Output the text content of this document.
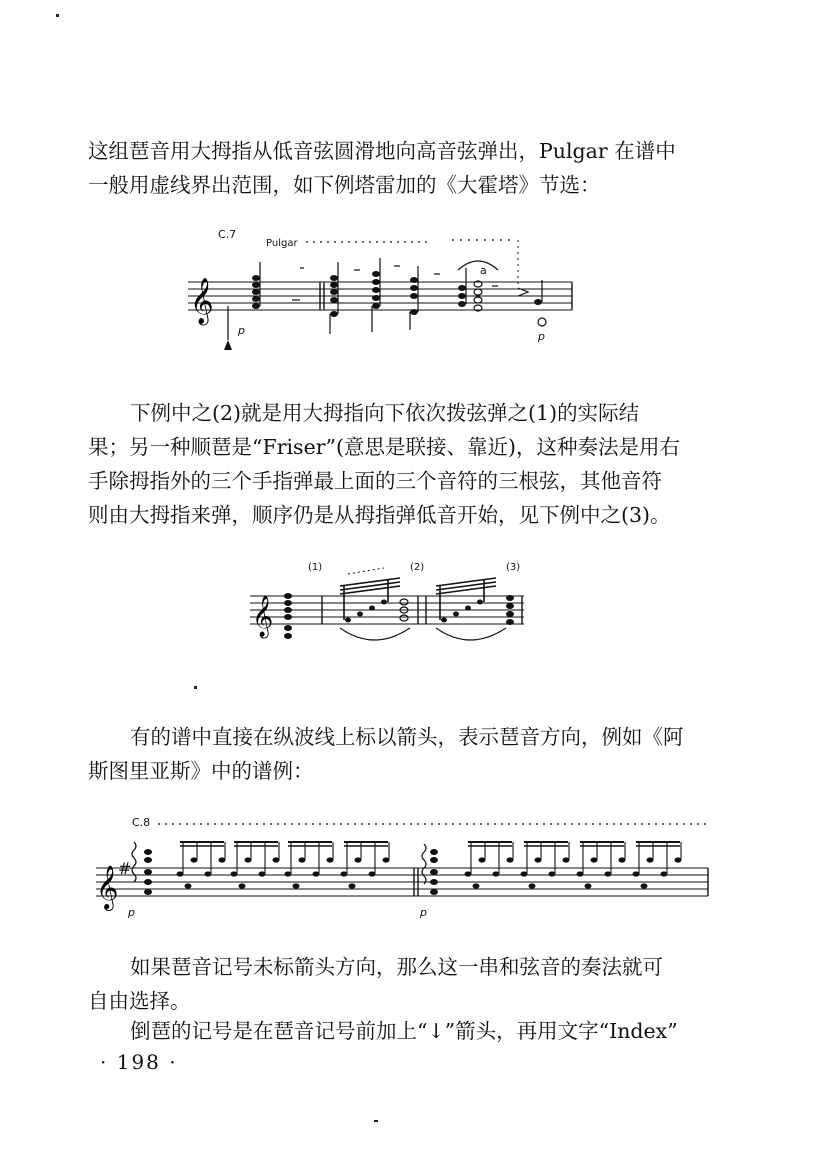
这组琶音用大拇指从低音弦圆滑地向高音弦弹出，Pulgar 在谱中
一般用虚线界出范围，如下例塔雷加的《大霍塔》节选：

C.7
Pulgar
𝄞
p
a
p

下例中之(2)就是用大拇指向下依次拨弦弹之(1)的实际结
果；另一种顺琶是“Friser”(意思是联接、靠近)，这种奏法是用右
手除拇指外的三个手指弹最上面的三个音符的三根弦，其他音符
则由大拇指来弹，顺序仍是从拇指弹低音开始，见下例中之(3)。

(1)	(2)	(3)
𝄞

有的谱中直接在纵波线上标以箭头，表示琶音方向，例如《阿
斯图里亚斯》中的谱例：

C.8
𝄞 #
p	p

如果琶音记号未标箭头方向，那么这一串和弦音的奏法就可
自由选择。

倒琶的记号是在琶音记号前加上“↓”箭头，再用文字“Index”

· 198 ·
